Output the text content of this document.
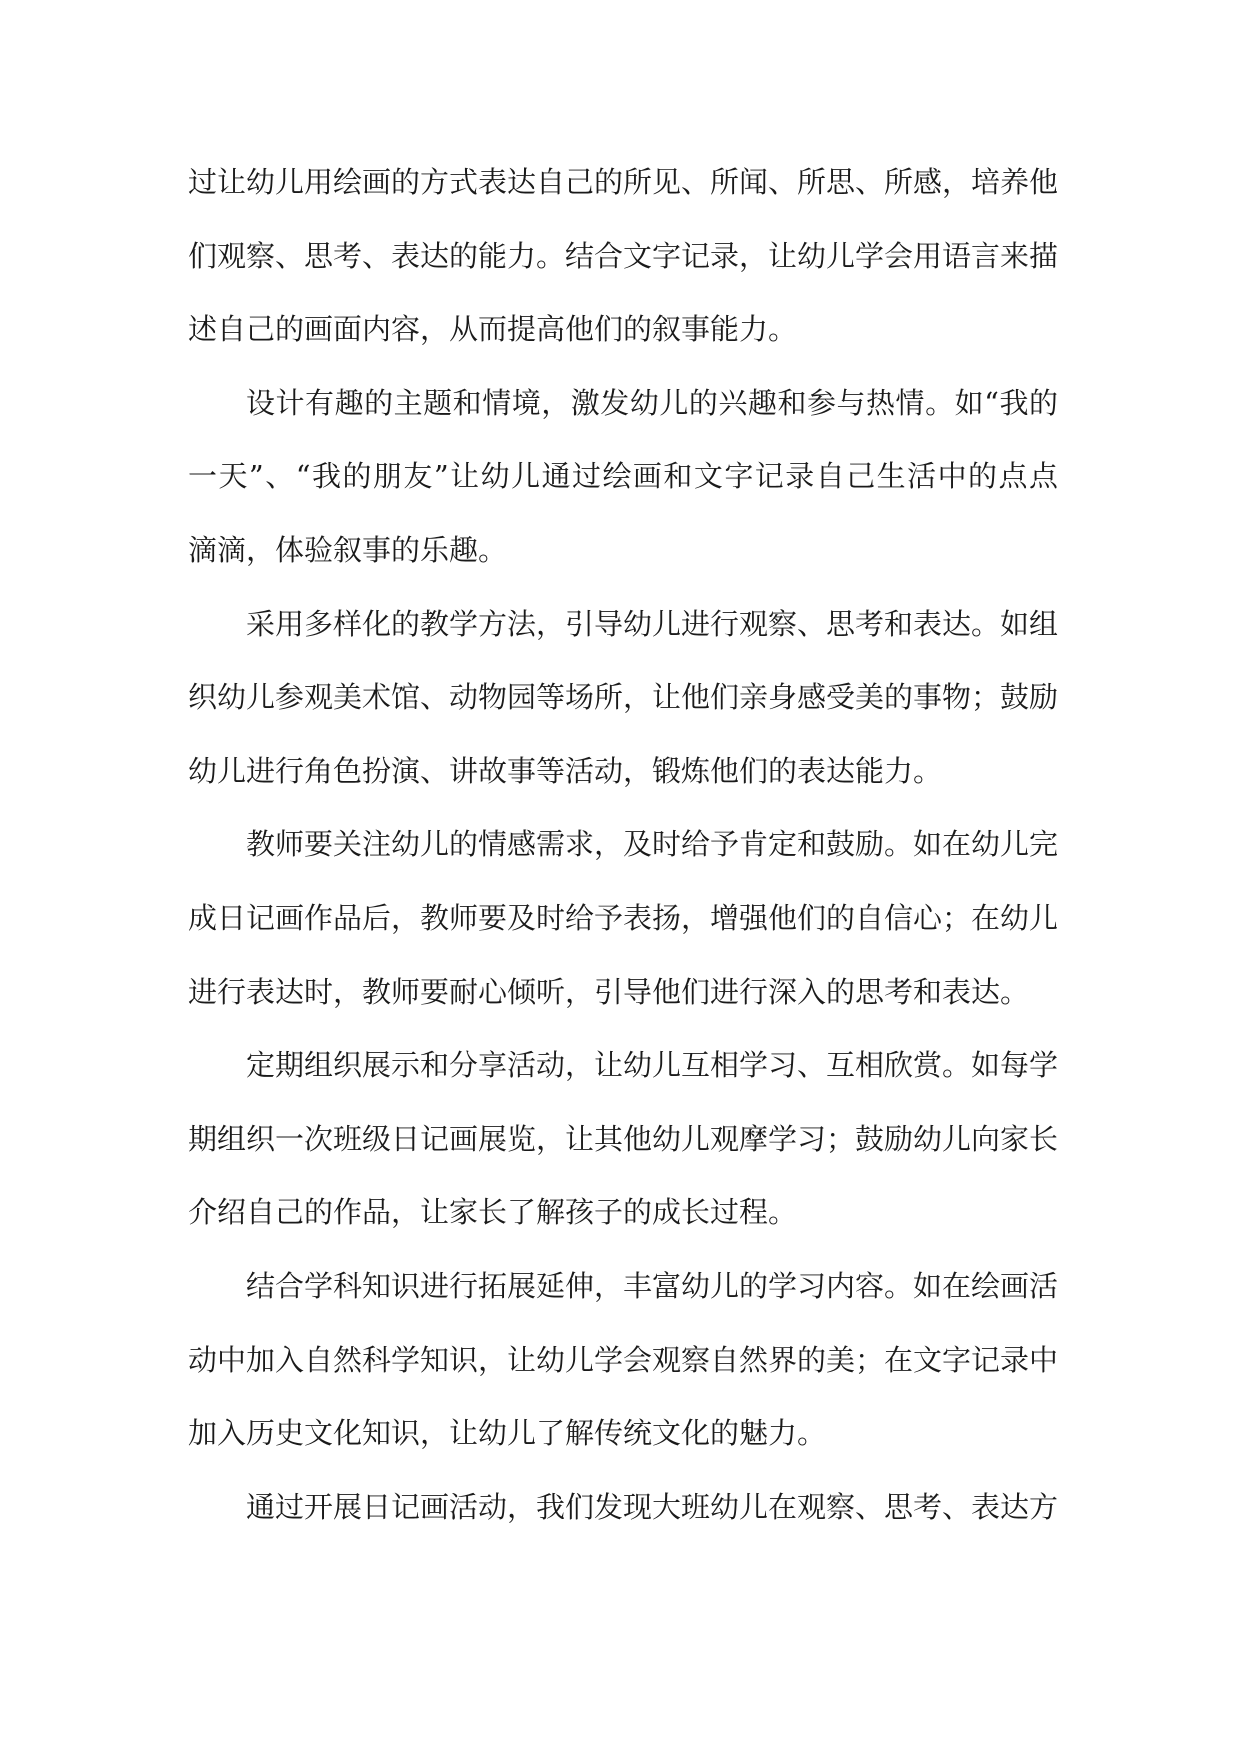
过让幼儿用绘画的方式表达自己的所见、所闻、所思、所感，培养他
们观察、思考、表达的能力。结合文字记录，让幼儿学会用语言来描
述自己的画面内容，从而提高他们的叙事能力。
设计有趣的主题和情境，激发幼儿的兴趣和参与热情。如“我的
一天”、“我的朋友”让幼儿通过绘画和文字记录自己生活中的点点
滴滴，体验叙事的乐趣。
采用多样化的教学方法，引导幼儿进行观察、思考和表达。如组
织幼儿参观美术馆、动物园等场所，让他们亲身感受美的事物；鼓励
幼儿进行角色扮演、讲故事等活动，锻炼他们的表达能力。
教师要关注幼儿的情感需求，及时给予肯定和鼓励。如在幼儿完
成日记画作品后，教师要及时给予表扬，增强他们的自信心；在幼儿
进行表达时，教师要耐心倾听，引导他们进行深入的思考和表达。
定期组织展示和分享活动，让幼儿互相学习、互相欣赏。如每学
期组织一次班级日记画展览，让其他幼儿观摩学习；鼓励幼儿向家长
介绍自己的作品，让家长了解孩子的成长过程。
结合学科知识进行拓展延伸，丰富幼儿的学习内容。如在绘画活
动中加入自然科学知识，让幼儿学会观察自然界的美；在文字记录中
加入历史文化知识，让幼儿了解传统文化的魅力。
通过开展日记画活动，我们发现大班幼儿在观察、思考、表达方
